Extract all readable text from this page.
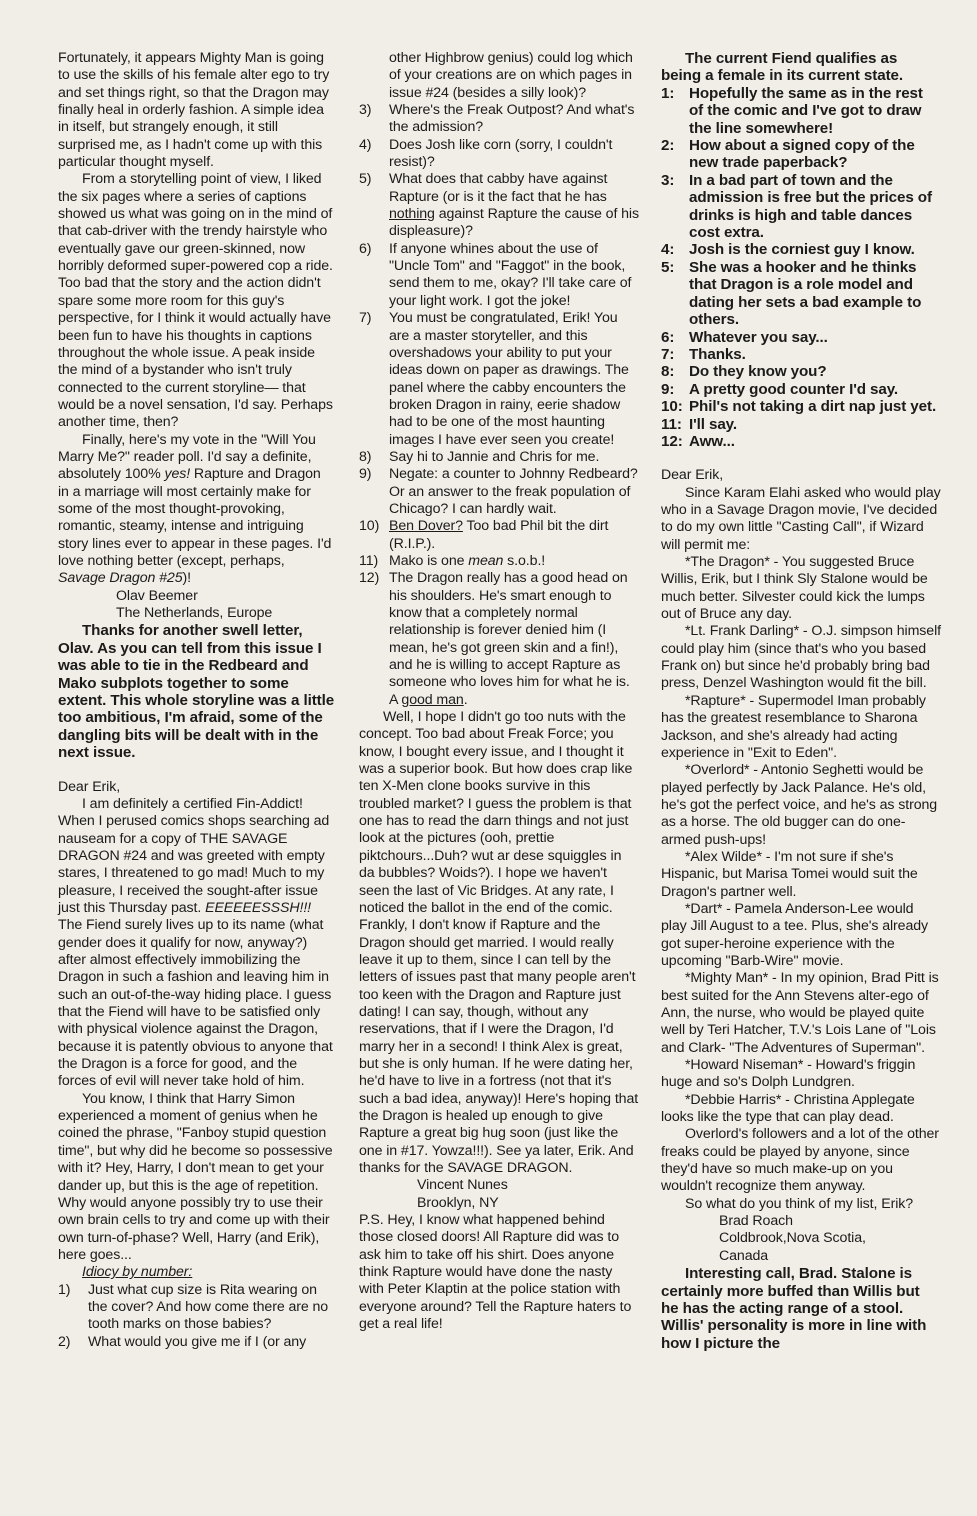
Fortunately, it appears Mighty Man is going to use the skills of his female alter ego to try and set things right, so that the Dragon may finally heal in orderly fashion. A simple idea in itself, but strangely enough, it still surprised me, as I hadn't come up with this particular thought myself.

From a storytelling point of view, I liked the six pages where a series of captions showed us what was going on in the mind of that cab-driver with the trendy hairstyle who eventually gave our green-skinned, now horribly deformed super-powered cop a ride. Too bad that the story and the action didn't spare some more room for this guy's perspective, for I think it would actually have been fun to have his thoughts in captions throughout the whole issue. A peak inside the mind of a bystander who isn't truly connected to the current storyline— that would be a novel sensation, I'd say. Perhaps another time, then?

Finally, here's my vote in the "Will You Marry Me?" reader poll. I'd say a definite, absolutely 100% yes! Rapture and Dragon in a marriage will most certainly make for some of the most thought-provoking, romantic, steamy, intense and intriguing story lines ever to appear in these pages. I'd love nothing better (except, perhaps, Savage Dragon #25)!

Olav Beemer

The Netherlands, Europe

Thanks for another swell letter, Olav. As you can tell from this issue I was able to tie in the Redbeard and Mako subplots together to some extent. This whole storyline was a little too ambitious, I'm afraid, some of the dangling bits will be dealt with in the next issue.

Dear Erik,

I am definitely a certified Fin-Addict! When I perused comics shops searching ad nauseam for a copy of THE SAVAGE DRAGON #24 and was greeted with empty stares, I threatened to go mad! Much to my pleasure, I received the sought-after issue just this Thursday past. EEEEEESSSH!!! The Fiend surely lives up to its name (what gender does it qualify for now, anyway?) after almost effectively immobilizing the Dragon in such a fashion and leaving him in such an out-of-the-way hiding place. I guess that the Fiend will have to be satisfied only with physical violence against the Dragon, because it is patently obvious to anyone that the Dragon is a force for good, and the forces of evil will never take hold of him.

You know, I think that Harry Simon experienced a moment of genius when he coined the phrase, "Fanboy stupid question time", but why did he become so possessive with it? Hey, Harry, I don't mean to get your dander up, but this is the age of repetition. Why would anyone possibly try to use their own brain cells to try and come up with their own turn-of-phase? Well, Harry (and Erik), here goes...

Idiocy by number:

1)	Just what cup size is Rita wearing on the cover? And how come there are no tooth marks on those babies?
2)	What would you give me if I (or any
other Highbrow genius) could log which of your creations are on which pages in issue #24 (besides a silly look)?
3)	Where's the Freak Outpost? And what's the admission?
4)	Does Josh like corn (sorry, I couldn't resist)?
5)	What does that cabby have against Rapture (or is it the fact that he has nothing against Rapture the cause of his displeasure)?
6)	If anyone whines about the use of "Uncle Tom" and "Faggot" in the book, send them to me, okay? I'll take care of your light work. I got the joke!
7)	You must be congratulated, Erik! You are a master storyteller, and this overshadows your ability to put your ideas down on paper as drawings. The panel where the cabby encounters the broken Dragon in rainy, eerie shadow had to be one of the most haunting images I have ever seen you create!
8)	Say hi to Jannie and Chris for me.
9)	Negate: a counter to Johnny Redbeard? Or an answer to the freak population of Chicago? I can hardly wait.
10) Ben Dover? Too bad Phil bit the dirt (R.I.P.).
11) Mako is one mean s.o.b.!
12) The Dragon really has a good head on his shoulders. He's smart enough to know that a completely normal relationship is forever denied him (I mean, he's got green skin and a fin!), and he is willing to accept Rapture as someone who loves him for what he is. A good man.

Well, I hope I didn't go too nuts with the concept. Too bad about Freak Force; you know, I bought every issue, and I thought it was a superior book. But how does crap like ten X-Men clone books survive in this troubled market? I guess the problem is that one has to read the darn things and not just look at the pictures (ooh, prettie piktchours...Duh? wut ar dese squiggles in da bubbles? Woids?). I hope we haven't seen the last of Vic Bridges. At any rate, I noticed the ballot in the end of the comic. Frankly, I don't know if Rapture and the Dragon should get married. I would really leave it up to them, since I can tell by the letters of issues past that many people aren't too keen with the Dragon and Rapture just dating! I can say, though, without any reservations, that if I were the Dragon, I'd marry her in a second! I think Alex is great, but she is only human. If he were dating her, he'd have to live in a fortress (not that it's such a bad idea, anyway)! Here's hoping that the Dragon is healed up enough to give Rapture a great big hug soon (just like the one in #17. Yowza!!!). See ya later, Erik. And thanks for the SAVAGE DRAGON.

Vincent Nunes

Brooklyn, NY

P.S. Hey, I know what happened behind those closed doors! All Rapture did was to ask him to take off his shirt. Does anyone think Rapture would have done the nasty with Peter Klaptin at the police station with everyone around? Tell the Rapture haters to get a real life!

The current Fiend qualifies as being a female in its current state.

1: Hopefully the same as in the rest of the comic and I've got to draw the line somewhere!
2: How about a signed copy of the new trade paperback?
3: In a bad part of town and the admission is free but the prices of drinks is high and table dances cost extra.
4: Josh is the corniest guy I know.
5: She was a hooker and he thinks that Dragon is a role model and dating her sets a bad example to others.
6: Whatever you say...
7: Thanks.
8: Do they know you?
9: A pretty good counter I'd say.
10: Phil's not taking a dirt nap just yet.
11: I'll say.
12: Aww...

Dear Erik,

Since Karam Elahi asked who would play who in a Savage Dragon movie, I've decided to do my own little "Casting Call", if Wizard will permit me:

*The Dragon* - You suggested Bruce Willis, Erik, but I think Sly Stalone would be much better. Silvester could kick the lumps out of Bruce any day.

*Lt. Frank Darling* - O.J. simpson himself could play him (since that's who you based Frank on) but since he'd probably bring bad press, Denzel Washington would fit the bill.

*Rapture* - Supermodel Iman probably has the greatest resemblance to Sharona Jackson, and she's already had acting experience in "Exit to Eden".

*Overlord* - Antonio Seghetti would be played perfectly by Jack Palance. He's old, he's got the perfect voice, and he's as strong as a horse. The old bugger can do one-armed push-ups!

*Alex Wilde* - I'm not sure if she's Hispanic, but Marisa Tomei would suit the Dragon's partner well.

*Dart* - Pamela Anderson-Lee would play Jill August to a tee. Plus, she's already got super-heroine experience with the upcoming "Barb-Wire" movie.

*Mighty Man* - In my opinion, Brad Pitt is best suited for the Ann Stevens alter-ego of Ann, the nurse, who would be played quite well by Teri Hatcher, T.V.'s Lois Lane of "Lois and Clark- "The Adventures of Superman".

*Howard Niseman* - Howard's friggin huge and so's Dolph Lundgren.

*Debbie Harris* - Christina Applegate looks like the type that can play dead.

Overlord's followers and a lot of the other freaks could be played by anyone, since they'd have so much make-up on you wouldn't recognize them anyway.

So what do you think of my list, Erik?

Brad Roach

Coldbrook,Nova Scotia,

Canada

Interesting call, Brad. Stalone is certainly more buffed than Willis but he has the acting range of a stool. Willis' personality is more in line with how I picture the
